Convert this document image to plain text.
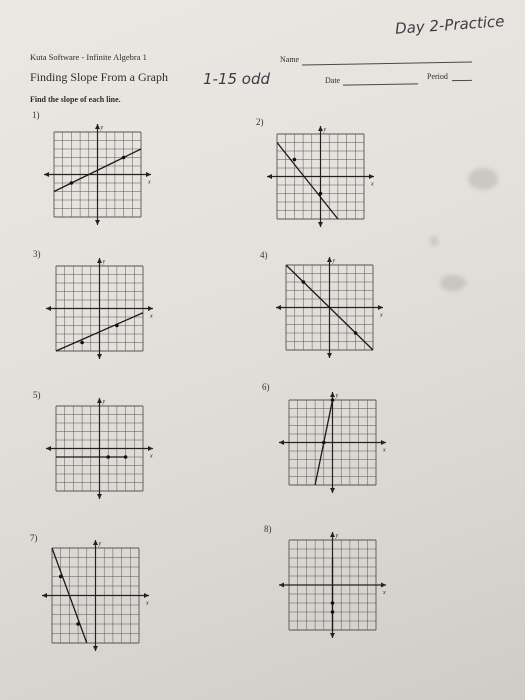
Day 2-Practice
Kuta Software - Infinite Algebra 1	Name
Finding Slope From a Graph 1-15 odd	Date	Period
Find the slope of each line.
1)
x
y
2)
x
y
3)
x
y
4)
x
y
5)
x
y
6)
x
y
7)
x
y
8)
x
y
